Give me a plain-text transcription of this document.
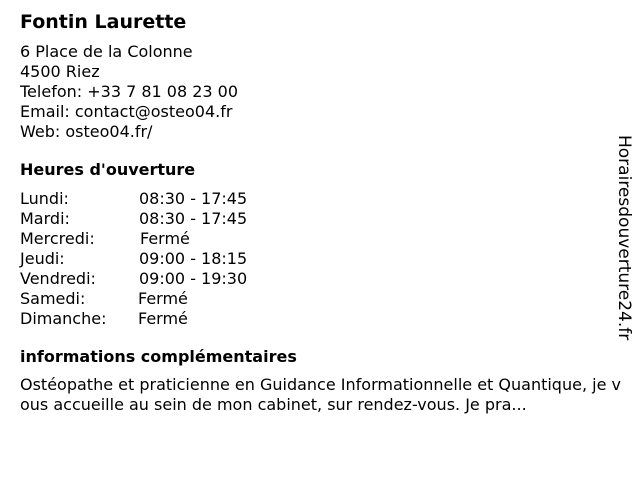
Fontin Laurette
6 Place de la Colonne
4500 Riez
Telefon: +33 7 81 08 23 00
Email: contact@osteo04.fr
Web: osteo04.fr/
Heures d'ouverture
Lundi:	08:30 - 17:45
Mardi:	08:30 - 17:45
Mercredi:	Fermé
Jeudi:	09:00 - 18:15
Vendredi:	09:00 - 19:30
Samedi:	Fermé
Dimanche: Fermé
informations complémentaires
Ostéopathe et praticienne en Guidance Informationnelle et Quantique, je vous accueille au sein de mon cabinet, sur rendez-vous. Je pra...
Horairesdouverture24.fr
